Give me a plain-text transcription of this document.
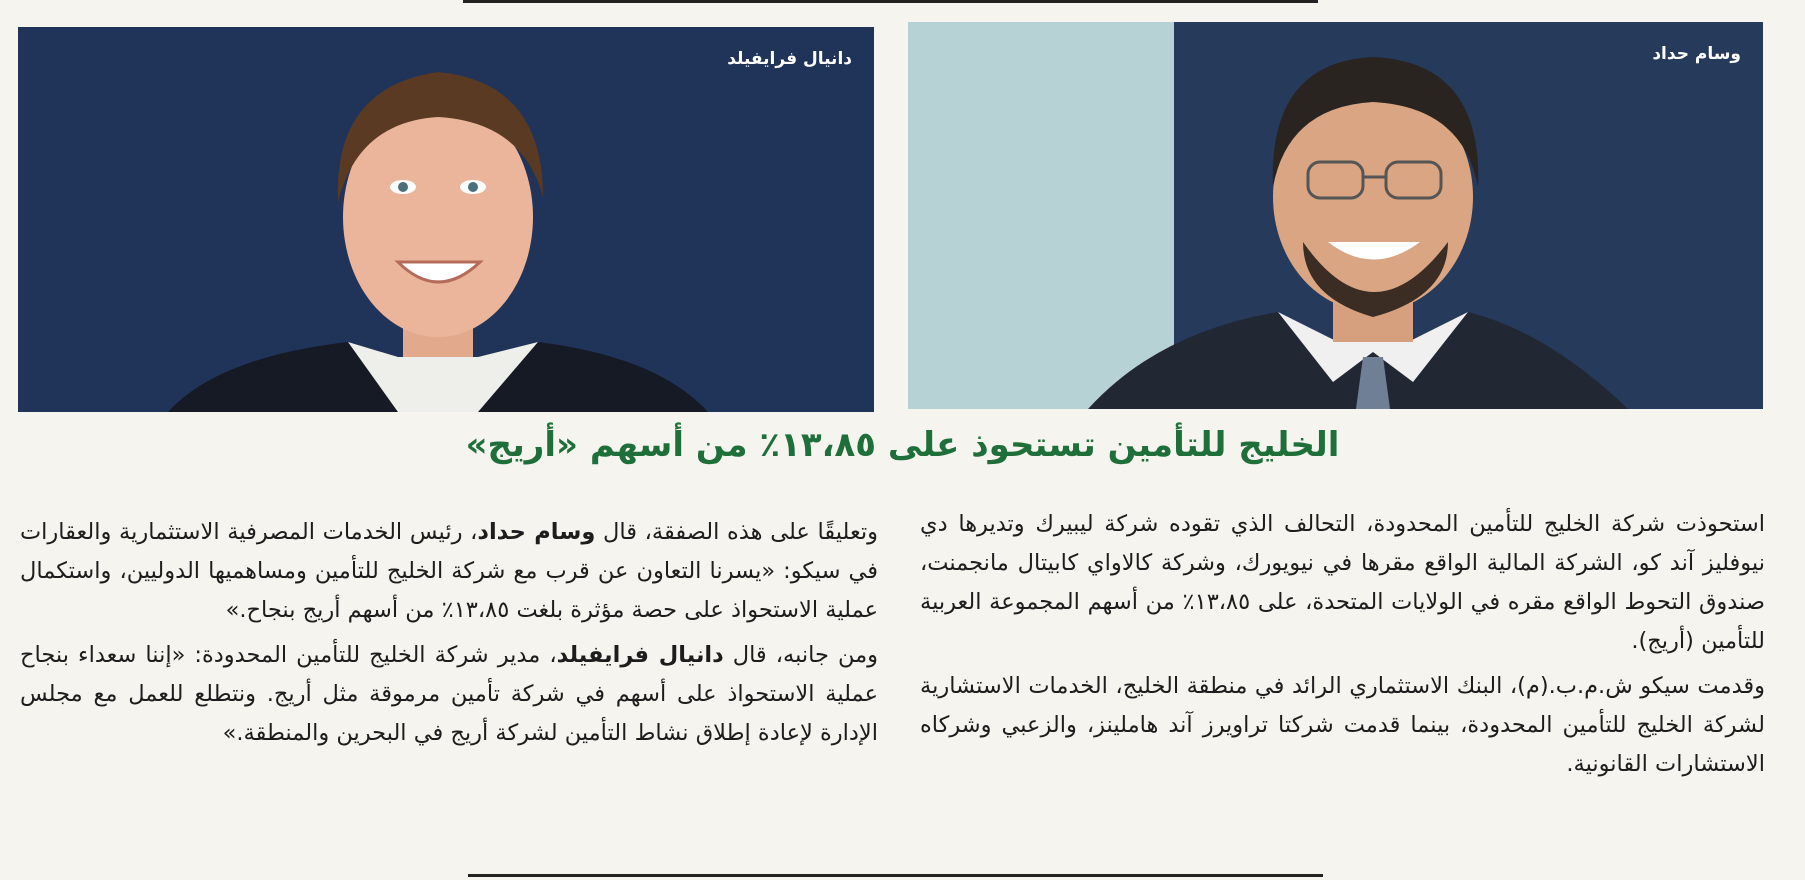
دانيال فرايفيلد	وسام حداد
الخليج للتأمين تستحوذ على ١٣،٨٥٪ من أسهم «أريج»

استحوذت شركة الخليج للتأمين المحدودة، التحالف الذي تقوده شركة ليبيرك وتديرها دي نيوفليز آند كو، الشركة المالية الواقع مقرها في نيويورك، وشركة كالاواي كابيتال مانجمنت، صندوق التحوط الواقع مقره في الولايات المتحدة، على ١٣،٨٥٪ من أسهم المجموعة العربية للتأمين (أريج).

وقدمت سيكو ش.م.ب.(م)، البنك الاستثماري الرائد في منطقة الخليج، الخدمات الاستشارية لشركة الخليج للتأمين المحدودة، بينما قدمت شركتا تراويرز آند هاملينز، والزعبي وشركاه الاستشارات القانونية.

وتعليقًا على هذه الصفقة، قال وسام حداد، رئيس الخدمات المصرفية الاستثمارية والعقارات في سيكو: «يسرنا التعاون عن قرب مع شركة الخليج للتأمين ومساهميها الدوليين، واستكمال عملية الاستحواذ على حصة مؤثرة بلغت ١٣،٨٥٪ من أسهم أريج بنجاح.»

ومن جانبه، قال دانيال فرايفيلد، مدير شركة الخليج للتأمين المحدودة: «إننا سعداء بنجاح عملية الاستحواذ على أسهم في شركة تأمين مرموقة مثل أريج. ونتطلع للعمل مع مجلس الإدارة لإعادة إطلاق نشاط التأمين لشركة أريج في البحرين والمنطقة.»
